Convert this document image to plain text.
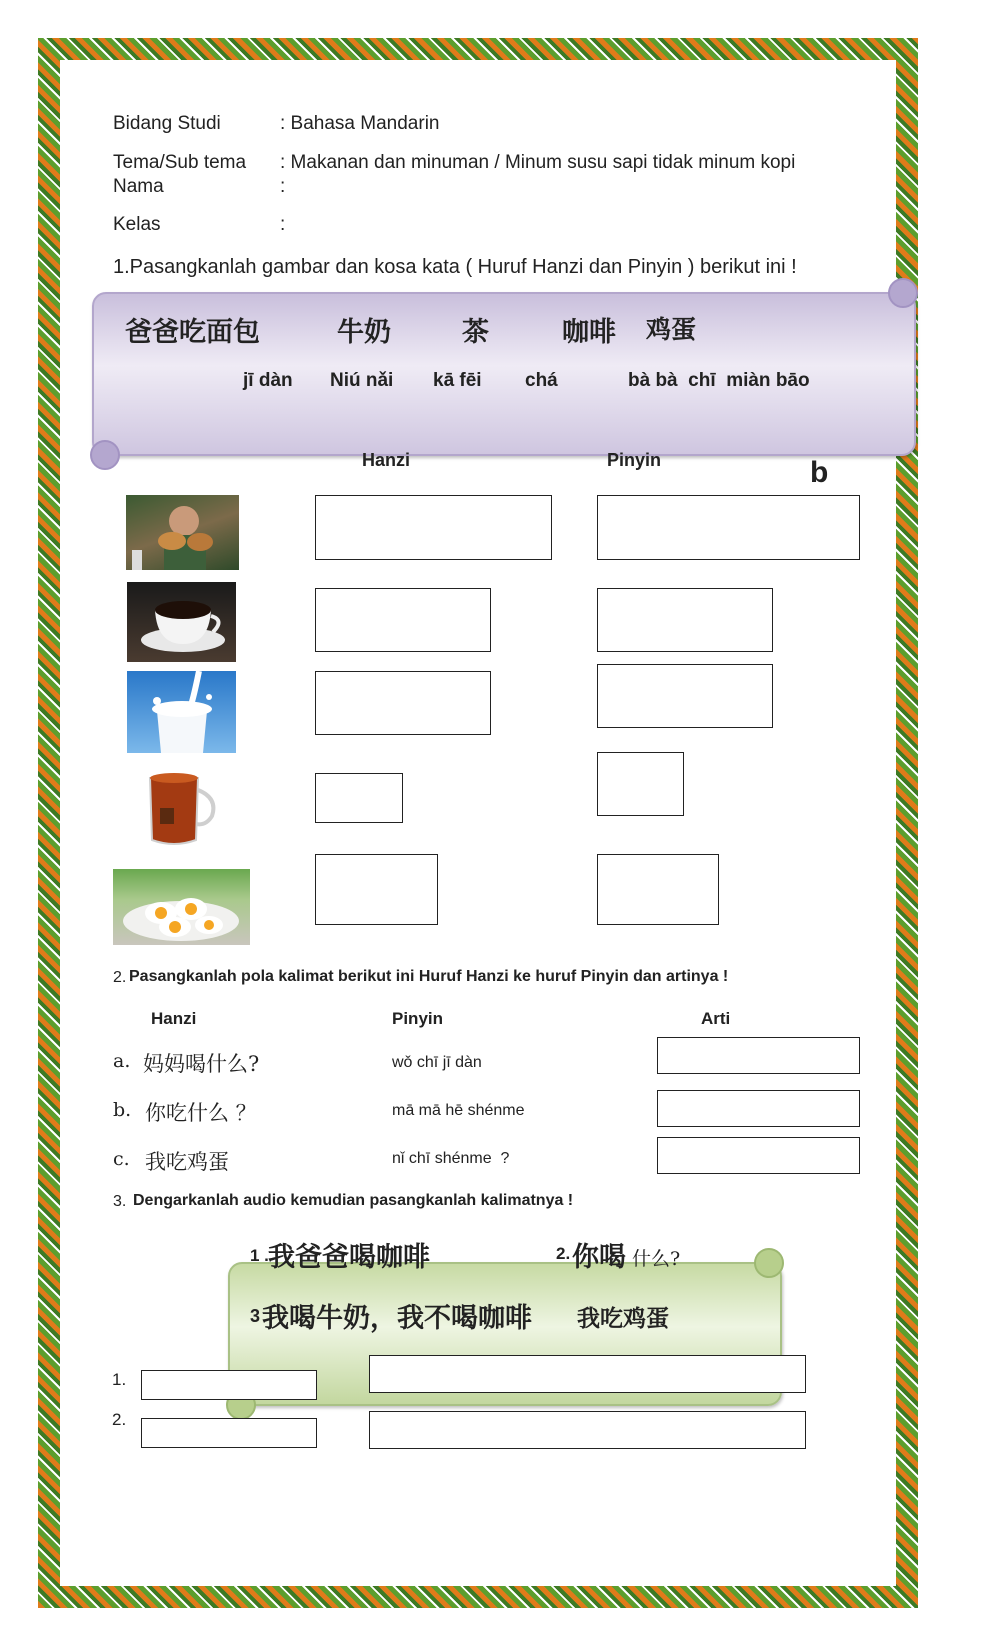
Bidang Studi	: Bahasa Mandarin
Tema/Sub tema : Makanan dan minuman / Minum susu sapi tidak minum kopi
Nama	:
Kelas	:
1.Pasangkanlah gambar dan kosa kata ( Huruf Hanzi dan Pinyin ) berikut ini !
爸爸吃面包	牛奶	茶	咖啡 鸡蛋
jī dàn Niú nǎi kā fēi chá	bà bà  chī  miàn bāo
Hanzi	Pinyin	b
2. Pasangkanlah pola kalimat berikut ini Huruf Hanzi ke huruf Pinyin dan artinya !
Hanzi	Pinyin	Arti
a. 妈妈喝什么?	wǒ chī jī dàn
b. 你吃什么 ？	mā mā hē shénme
c. 我吃鸡蛋	nǐ chī shénme  ?
3. Dengarkanlah audio kemudian pasangkanlah kalimatnya !
1 . 我爸爸喝咖啡	2. 你喝 什么?
3 我喝牛奶，我不喝咖啡 我吃鸡蛋
1.
2.
